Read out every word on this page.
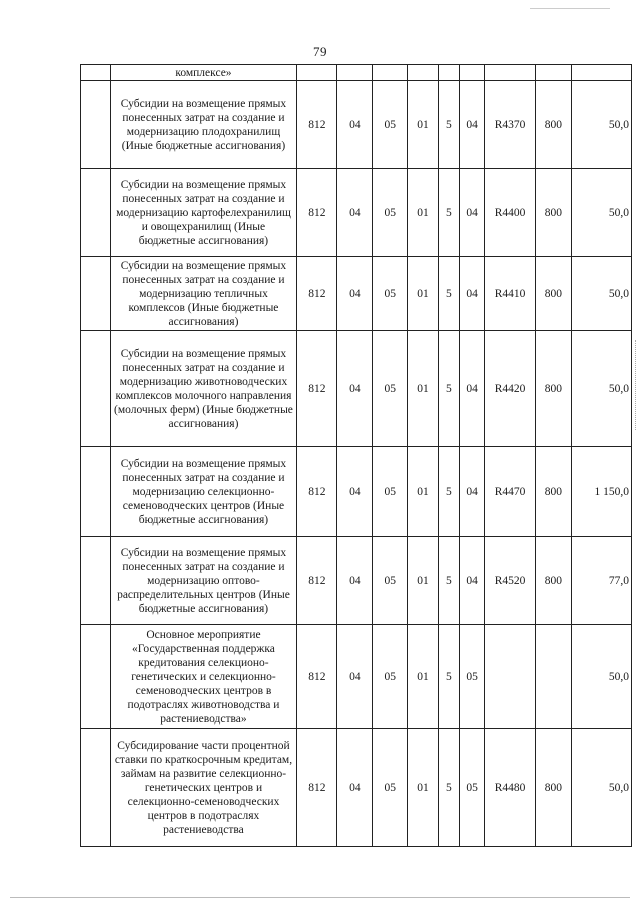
79
	комплексе»									
	Субсидии на возмещение прямых понесенных затрат на создание и модернизацию плодохранилищ (Иные бюджетные ассигнования)	812	04	05	01	5	04	R4370	800	50,0
	Субсидии на возмещение прямых понесенных затрат на создание и модернизацию картофелехранилищ и овощехранилищ (Иные бюджетные ассигнования)	812	04	05	01	5	04	R4400	800	50,0
	Субсидии на возмещение прямых понесенных затрат на создание и модернизацию тепличных комплексов (Иные бюджетные ассигнования)	812	04	05	01	5	04	R4410	800	50,0
	Субсидии на возмещение прямых понесенных затрат на создание и модернизацию животноводческих комплексов молочного направления (молочных ферм) (Иные бюджетные ассигнования)	812	04	05	01	5	04	R4420	800	50,0
	Субсидии на возмещение прямых понесенных затрат на создание и модернизацию селекционно-семеноводческих центров (Иные бюджетные ассигнования)	812	04	05	01	5	04	R4470	800	1 150,0
	Субсидии на возмещение прямых понесенных затрат на создание и модернизацию оптово-распределительных центров (Иные бюджетные ассигнования)	812	04	05	01	5	04	R4520	800	77,0
	Основное мероприятие «Государственная поддержка кредитования селекционо-генетических и селекционно-семеноводческих центров в подотраслях животноводства и растениеводства»	812	04	05	01	5	05			50,0
	Субсидирование части процентной ставки по краткосрочным кредитам, займам на развитие селекционно-генетических центров и селекционно-семеноводческих центров в подотраслях растениеводства	812	04	05	01	5	05	R4480	800	50,0
